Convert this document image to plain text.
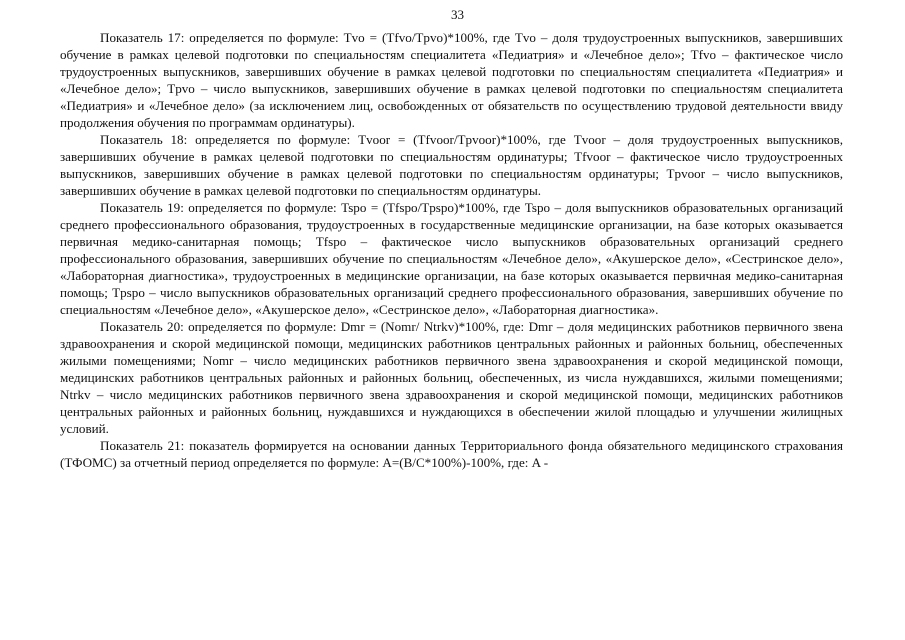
33

Показатель 17: определяется по формуле: Tvo = (Tfvo/Tpvo)*100%, где Tvo – доля трудоустроенных выпускников, завершивших обучение в рамках целевой подготовки по специальностям специалитета «Педиатрия» и «Лечебное дело»; Tfvo – фактическое число трудоустроенных выпускников, завершивших обучение в рамках целевой подготовки по специальностям специалитета «Педиатрия» и «Лечебное дело»; Tpvo – число выпускников, завершивших обучение в рамках целевой подготовки по специальностям специалитета «Педиатрия» и «Лечебное дело» (за исключением лиц, освобожденных от обязательств по осуществлению трудовой деятельности ввиду продолжения обучения по программам ординатуры).

Показатель 18: определяется по формуле: Tvoor = (Tfvoor/Tpvoor)*100%, где Tvoor – доля трудоустроенных выпускников, завершивших обучение в рамках целевой подготовки по специальностям ординатуры; Tfvoor – фактическое число трудоустроенных выпускников, завершивших обучение в рамках целевой подготовки по специальностям ординатуры; Tpvoor – число выпускников, завершивших обучение в рамках целевой подготовки по специальностям ординатуры.

Показатель 19: определяется по формуле: Tspo = (Tfspo/Tpspo)*100%, где Tspo – доля выпускников образовательных организаций среднего профессионального образования, трудоустроенных в государственные медицинские организации, на базе которых оказывается первичная медико-санитарная помощь; Tfspo – фактическое число выпускников образовательных организаций среднего профессионального образования, завершивших обучение по специальностям «Лечебное дело», «Акушерское дело», «Сестринское дело», «Лабораторная диагностика», трудоустроенных в медицинские организации, на базе которых оказывается первичная медико-санитарная помощь; Tpspo – число выпускников образовательных организаций среднего профессионального образования, завершивших обучение по специальностям «Лечебное дело», «Акушерское дело», «Сестринское дело», «Лабораторная диагностика».

Показатель 20: определяется по формуле: Dmr = (Nomr/ Ntrkv)*100%, где: Dmr – доля медицинских работников первичного звена здравоохранения и скорой медицинской помощи, медицинских работников центральных районных и районных больниц, обеспеченных жилыми помещениями; Nomr – число медицинских работников первичного звена здравоохранения и скорой медицинской помощи, медицинских работников центральных районных и районных больниц, обеспеченных, из числа нуждавшихся, жилыми помещениями; Ntrkv – число медицинских работников первичного звена здравоохранения и скорой медицинской помощи, медицинских работников центральных районных и районных больниц, нуждавшихся и нуждающихся в обеспечении жилой площадью и улучшении жилищных условий.

Показатель 21: показатель формируется на основании данных Территориального фонда обязательного медицинского страхования (ТФОМС) за отчетный период определяется по формуле: A=(B/C*100%)-100%, где: A -
